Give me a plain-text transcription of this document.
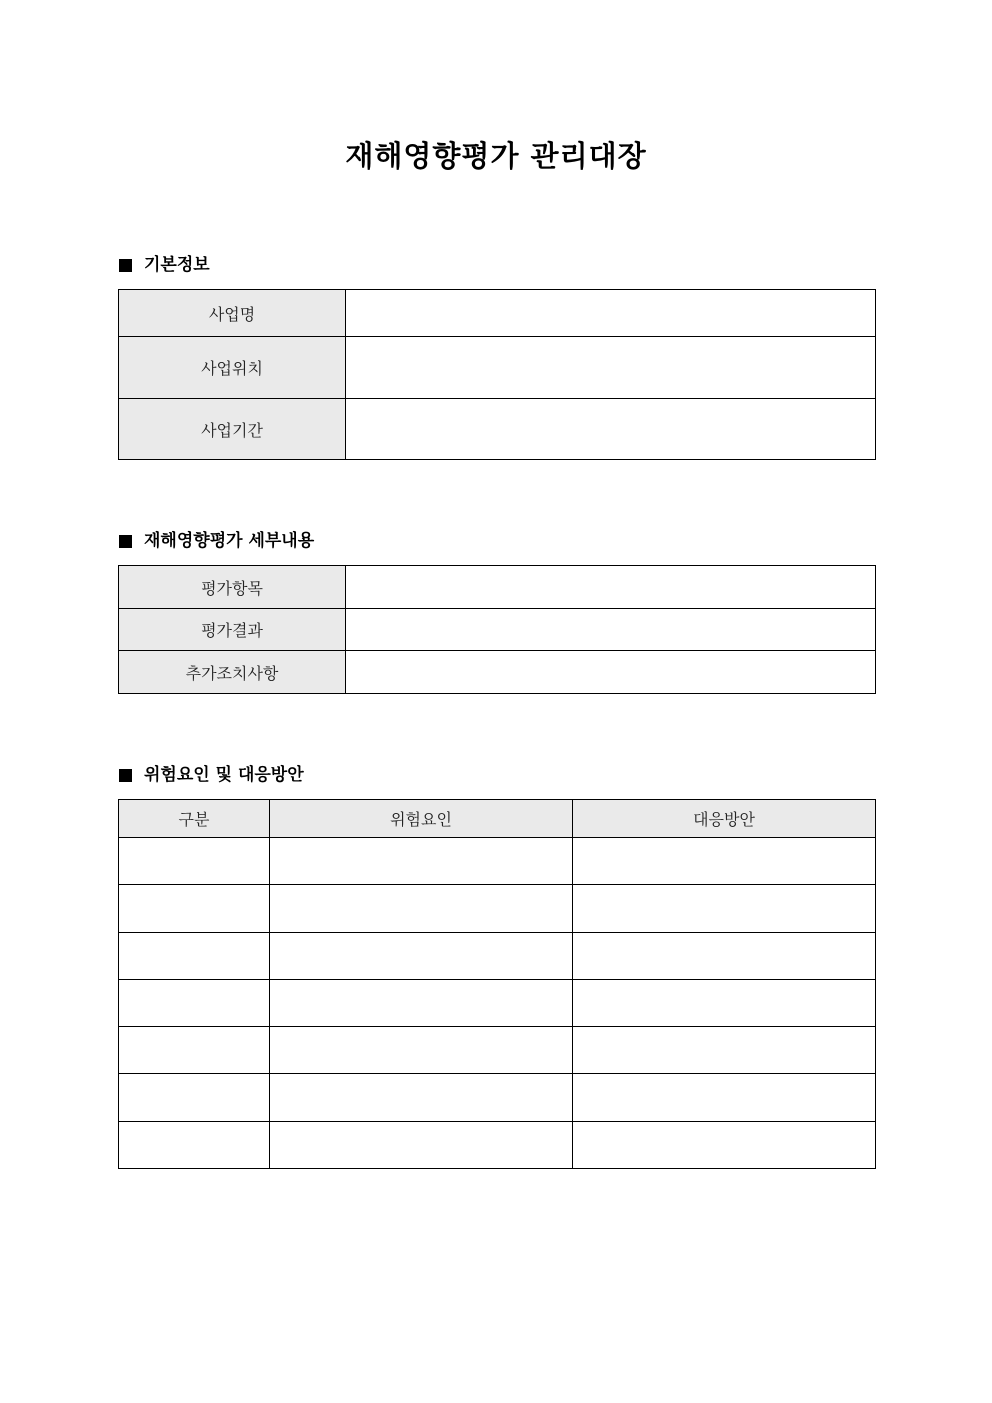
재해영향평가 관리대장
기본정보
사업명	
사업위치	
사업기간	
재해영향평가 세부내용
평가항목	
평가결과	
추가조치사항	
위험요인 및 대응방안
구분	위험요인	대응방안
